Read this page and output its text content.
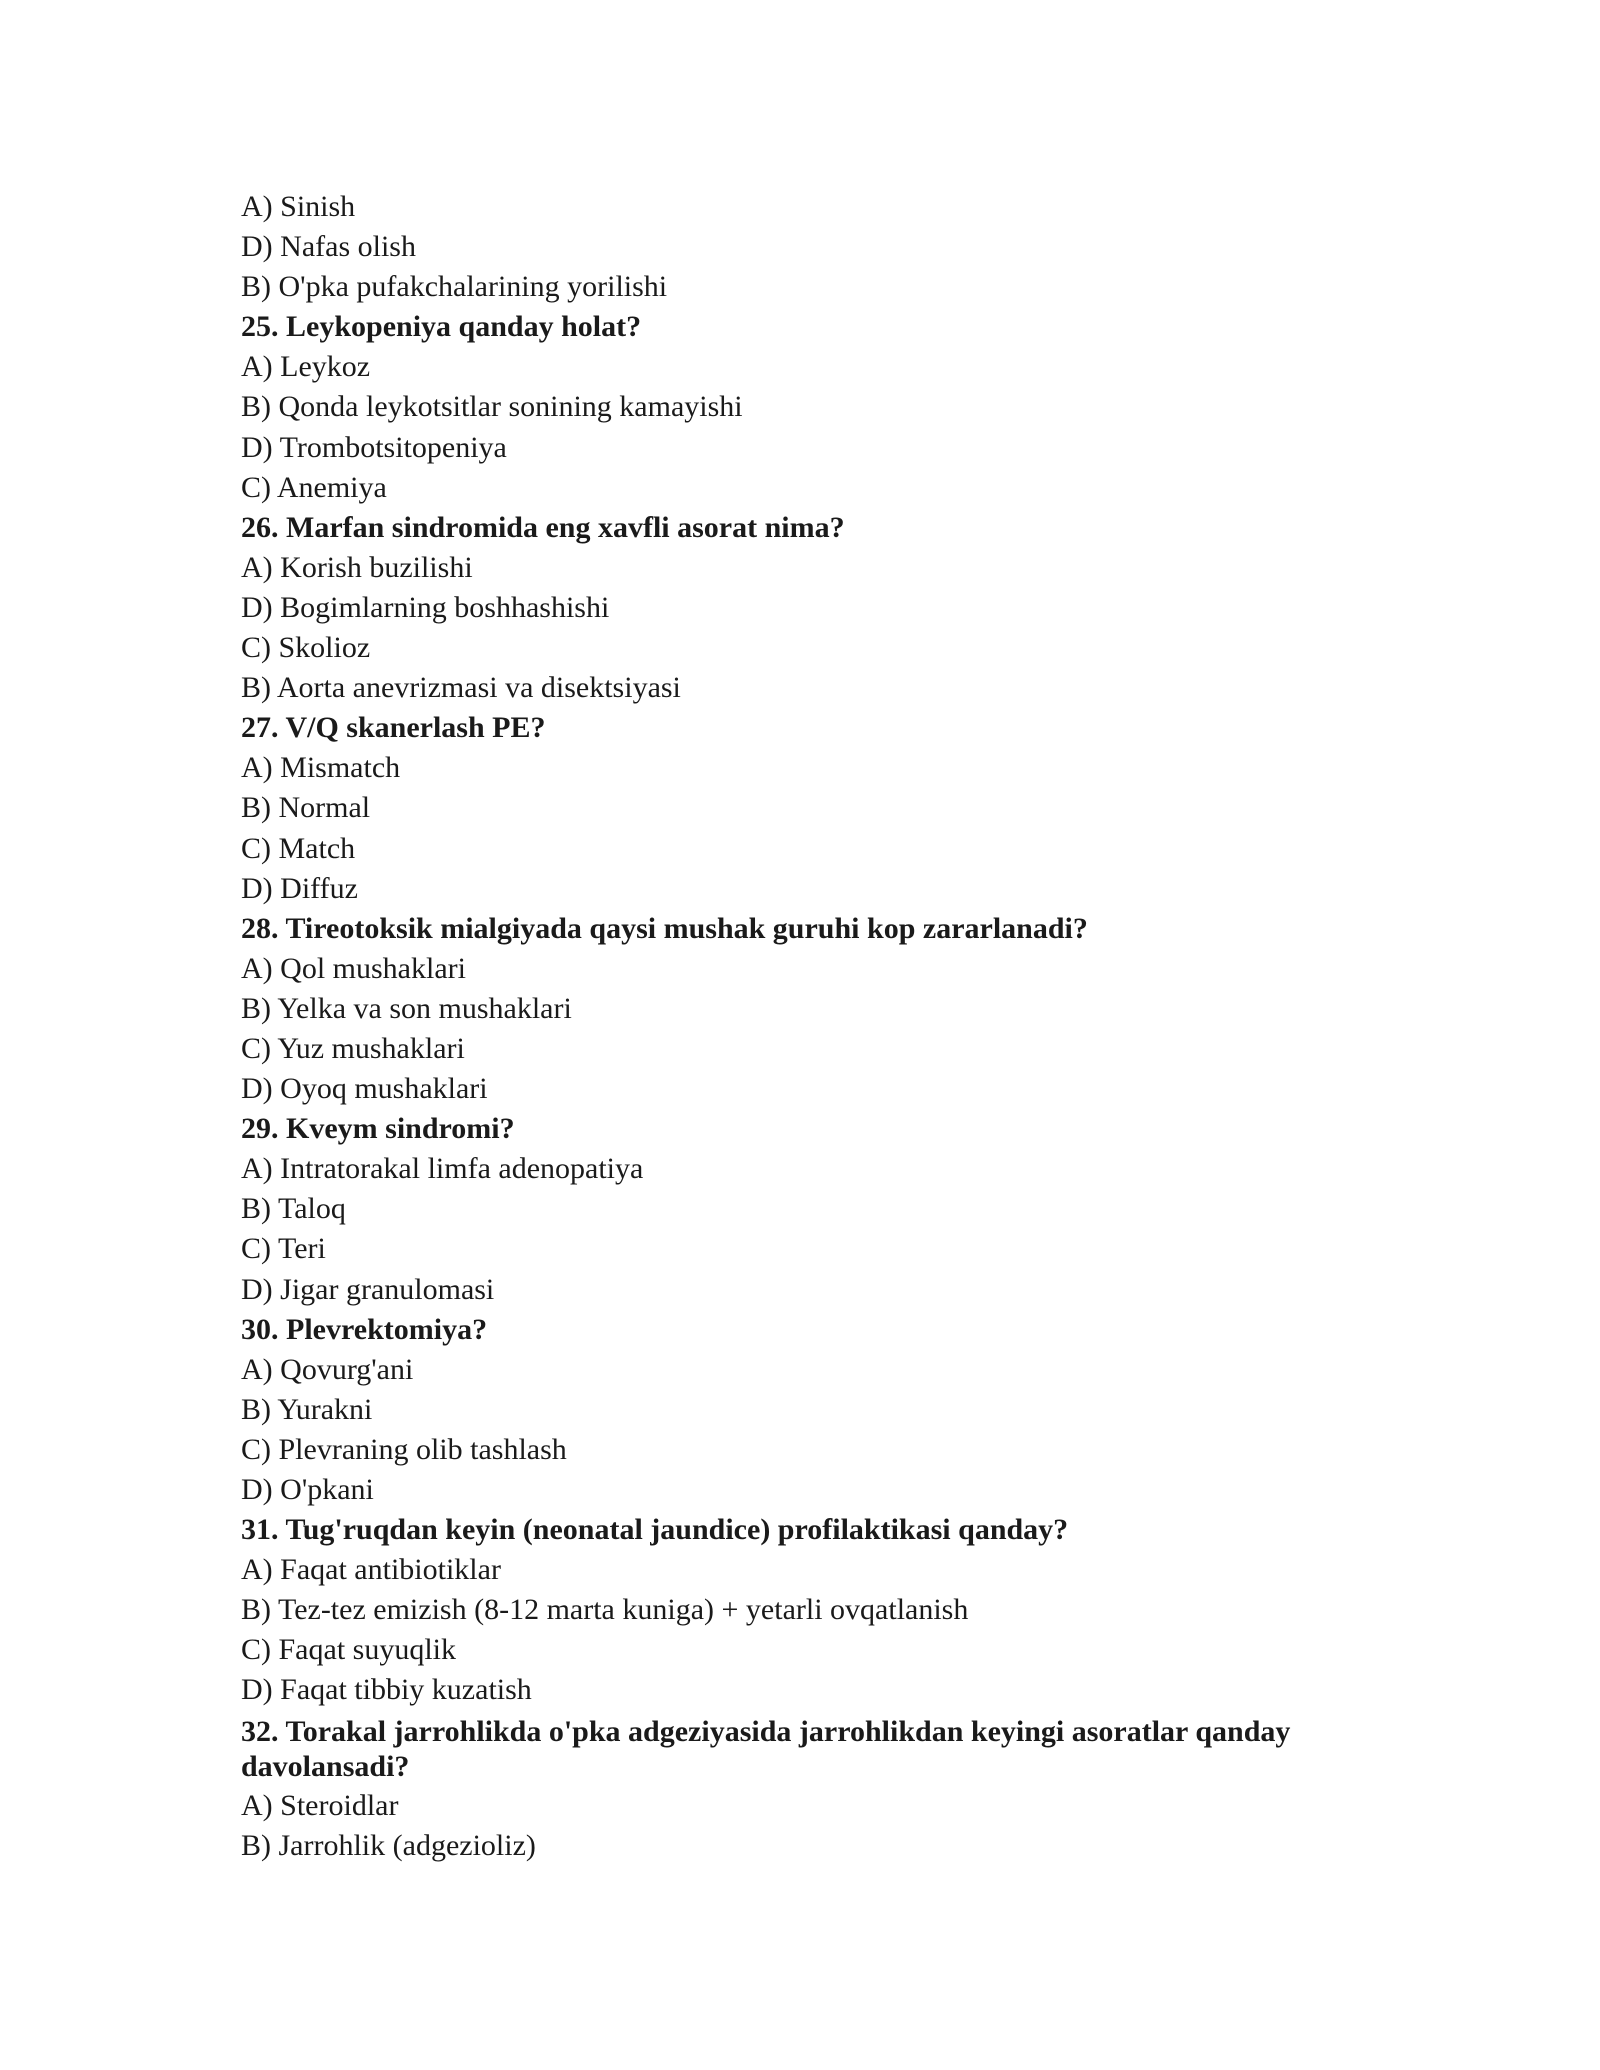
A) Sinish
D) Nafas olish
B) O'pka pufakchalarining yorilishi
25. Leykopeniya qanday holat?
A) Leykoz
B) Qonda leykotsitlar sonining kamayishi
D) Trombotsitopeniya
C) Anemiya
26. Marfan sindromida eng xavfli asorat nima?
A) Korish buzilishi
D) Bogimlarning boshhashishi
C) Skolioz
B) Aorta anevrizmasi va disektsiyasi
27. V/Q skanerlash PE?
A) Mismatch
B) Normal
C) Match
D) Diffuz
28. Tireotoksik mialgiyada qaysi mushak guruhi kop zararlanadi?
A) Qol mushaklari
B) Yelka va son mushaklari
C) Yuz mushaklari
D) Oyoq mushaklari
29. Kveym sindromi?
A) Intratorakal limfa adenopatiya
B) Taloq
C) Teri
D) Jigar granulomasi
30. Plevrektomiya?
A) Qovurg'ani
B) Yurakni
C) Plevraning olib tashlash
D) O'pkani
31. Tug'ruqdan keyin (neonatal jaundice) profilaktikasi qanday?
A) Faqat antibiotiklar
B) Tez-tez emizish (8-12 marta kuniga) + yetarli ovqatlanish
C) Faqat suyuqlik
D) Faqat tibbiy kuzatish
32. Torakal jarrohlikda o'pka adgeziyasida jarrohlikdan keyingi asoratlar qanday davolansadi?
A) Steroidlar
B) Jarrohlik (adgezioliz)
